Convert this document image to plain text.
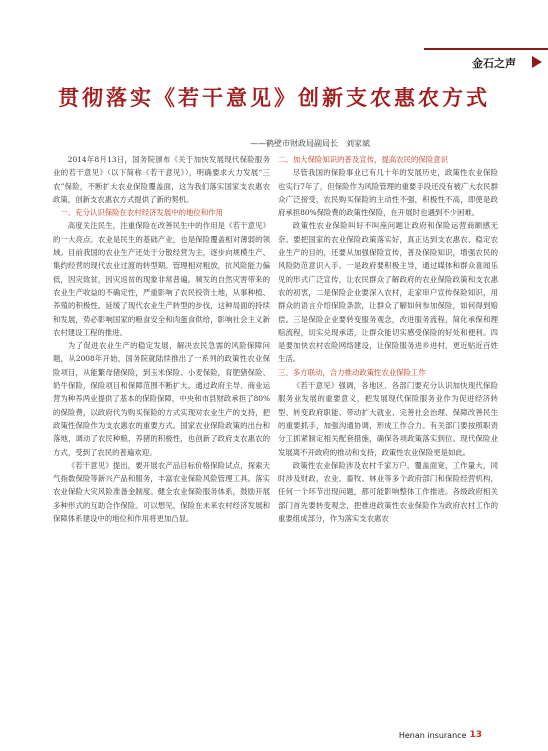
金石之声
贯彻落实《若干意见》创新支农惠农方式
——鹤壁市财政局副局长　刘家斌

2014年8月13日，国务院颁布《关于加快发展现代保险服务业的若干意见》（以下简称《若干意见》），明确要求大力发展“三农”保险，不断扩大农业保险覆盖面，这为我们落实国家支农惠农政策，创新支农惠农方式提供了新的契机。

一、充分认识保险在农村经济发展中的地位和作用

高度关注民生，注重保险在改善民生中的作用是《若干意见》的一大亮点。农业是民生的基础产业，也是保险覆盖相对薄弱的领域。目前我国的农业生产还处于分散经营为主，逐步向规模生产、集约经营的现代农业过渡的转型期。管理相对粗放，抗风险能力偏低，因灾致贫，因灾返贫的现象非常普遍。频发的自然灾害带来的农业生产收益的不确定性，严重影响了农民投资土地，从事种植、养殖的积极性，延缓了现代农业生产转型的步伐，这种局面的持续和发展，势必影响国家的粮食安全和肉蛋食供给，影响社会主义新农村建设工程的推进。

为了促进农业生产的稳定发展，解决农民急需的风险保障问题，从2008年开始，国务院就陆续推出了一系列的政策性农业保险项目，从能繁母猪保险，到玉米保险、小麦保险，育肥猪保险、奶牛保险，保险项目和保障范围不断扩大。通过政府主导、商业运营为种养两业提供了基本的保险保障，中央和市县财政承担了80%的保险费，以政府代为购买保险的方式实现对农业生产的支持，把政策性保险作为支农惠农的重要方式。国家农业保险政策的出台和落地，调动了农民种粮、养猪的积极性，也创新了政府支农惠农的方式，受到了农民的普遍欢迎。

《若干意见》提出，要开展农产品目标价格保险试点，探索天气指数保险等新兴产品和服务，丰富农业保险风险管理工具。落实农业保险大灾风险准备金制度。健全农业保险服务体系，鼓励开展多种形式的互助合作保险。可以想见，保险在未来农村经济发展和保障体系建设中的地位和作用将更加凸显。

二、加大保险知识的普及宣传，提高农民的保险意识

尽管我国的保险事业已有几十年的发展历史，政策性农业保险也实行7年了，但保险作为风险管理的重要手段还没有被广大农民群众广泛接受，农民购买保险的主动性不强，积极性不高，即使是政府承担80%保险费的政策性保险，在开展时也遇到不少困难。

政策性农业保险叫好不叫座问题让政府和保险运营商颇感无奈。要把国家的农业保险政策落实好，真正达到支农惠农、稳定农业生产的目的，还要从加强保险宣传，普及保险知识，增强农民的风险防范意识入手。一是政府要积极主导，通过媒体和群众喜闻乐见的形式广泛宣传，让农民群众了解政府的农业保险政策和支农惠农的初衷，二是保险企业要深入农村，走家串户宣传保险知识，用群众的语言介绍保险条款，让群众了解如何参加保险，如何得到赔偿。三是保险企业要转变服务观念，改进服务流程，简化承保和理赔流程，切实兑现承诺，让群众能切实感受保险的好处和便利。四是要加快农村农险网络建设，让保险服务进乡进村，更近贴近百姓生活。

三、多方联动，合力推动政策性农业保险工作

《若干意见》强调，各地区、各部门要充分认识加快现代保险服务业发展的重要意义，把发展现代保险服务业作为促进经济转型、转变政府职能、带动扩大就业、完善社会治理、保障改善民生的重要抓手，加强沟通协调，形成工作合力。有关部门要按照职责分工抓紧制定相关配套措施，确保各项政策落实到位。现代保险业发展离不开政府的推动和支持，政策性农业保险更是如此。

政策性农业保险涉及农村千家万户，覆盖面宽，工作量大，同时涉及财政、农业、畜牧、林业等多个政府部门和保险经营机构，任何一个环节出现问题，都可能影响整体工作推进。各级政府相关部门首先要转变观念，把推进政策性农业保险作为政府农村工作的重要组成部分，作为落实支农惠农

Henan insurance 13
